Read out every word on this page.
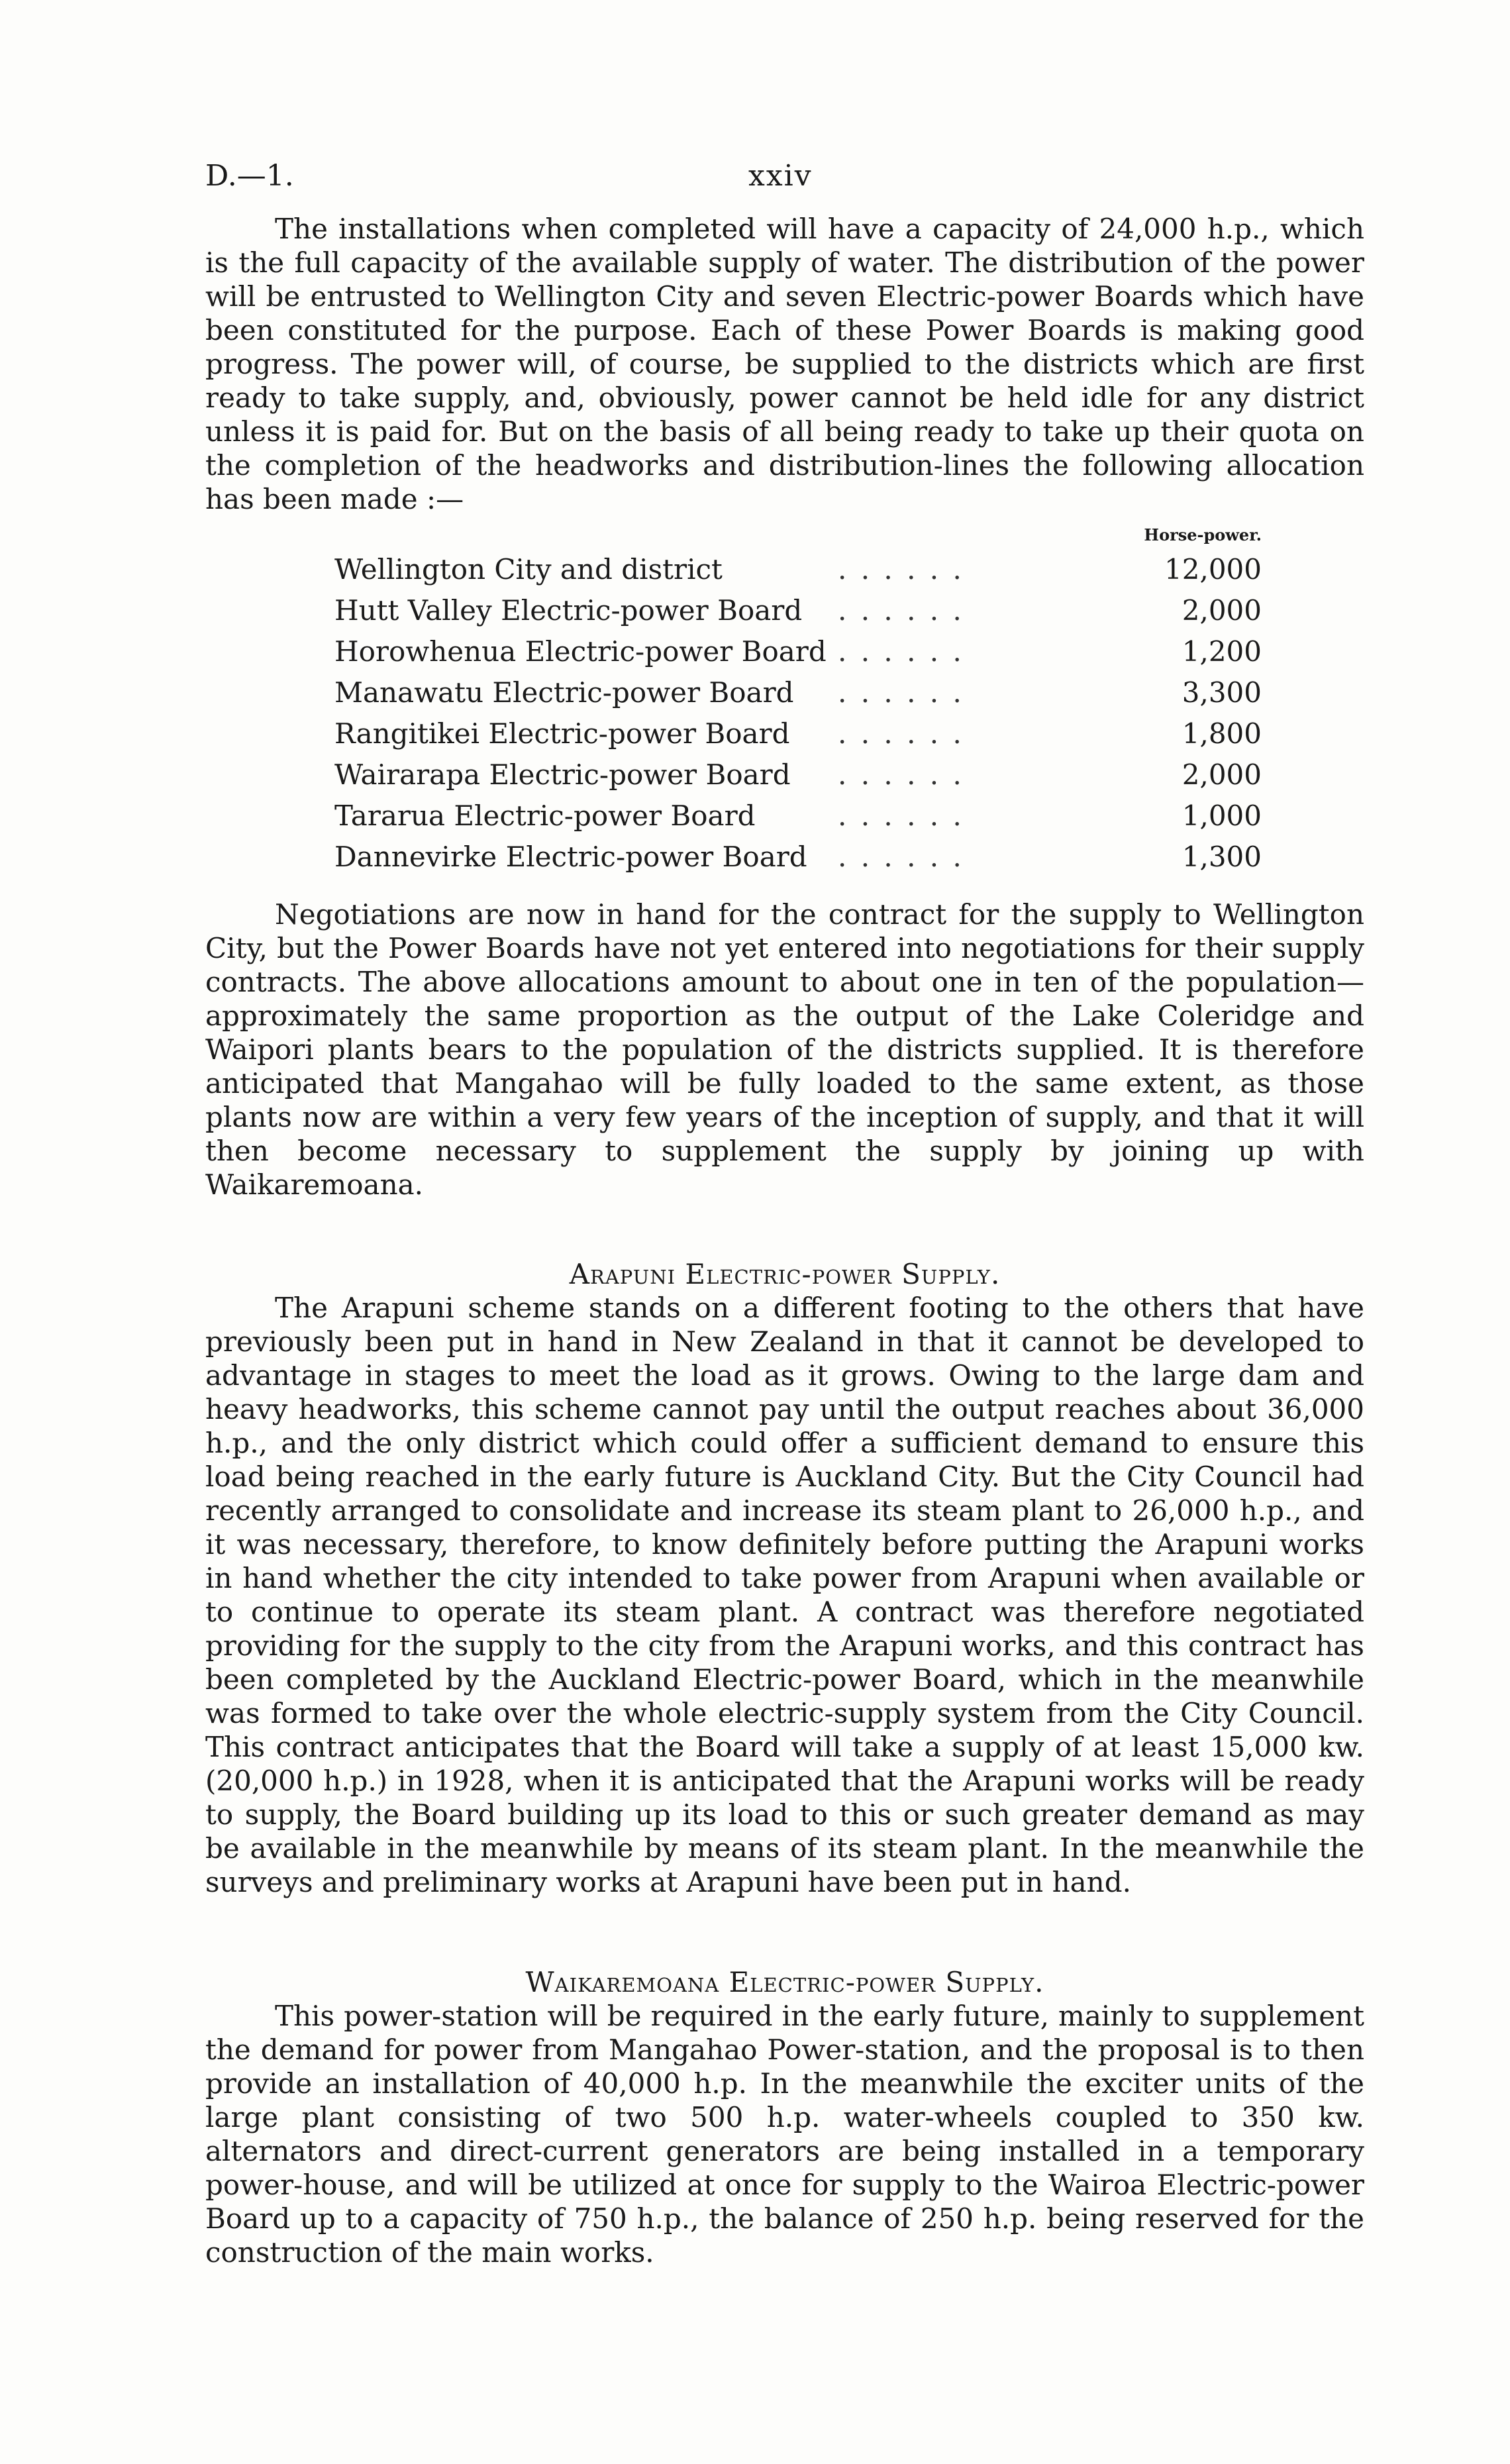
D.—1.	xxiv

The installations when completed will have a capacity of 24,000 h.p., which is the full capacity of the available supply of water. The distribution of the power will be entrusted to Wellington City and seven Electric-power Boards which have been constituted for the purpose. Each of these Power Boards is making good progress. The power will, of course, be supplied to the districts which are first ready to take supply, and, obviously, power cannot be held idle for any district unless it is paid for. But on the basis of all being ready to take up their quota on the completion of the headworks and distribution-lines the following allocation has been made :—

Horse-power.
Wellington City and district	. . . . . .	12,000
Hutt Valley Electric-power Board	. . . . . .	2,000
Horowhenua Electric-power Board . . . . . .	1,200
Manawatu Electric-power Board	. . . . . .	3,300
Rangitikei Electric-power Board	. . . . . .	1,800
Wairarapa Electric-power Board	. . . . . .	2,000
Tararua Electric-power Board	. . . . . .	1,000
Dannevirke Electric-power Board	. . . . . .	1,300

Negotiations are now in hand for the contract for the supply to Wellington City, but the Power Boards have not yet entered into negotiations for their supply contracts. The above allocations amount to about one in ten of the population—approximately the same proportion as the output of the Lake Coleridge and Waipori plants bears to the population of the districts supplied. It is therefore anticipated that Mangahao will be fully loaded to the same extent, as those plants now are within a very few years of the inception of supply, and that it will then become necessary to supplement the supply by joining up with Waikaremoana.

Arapuni Electric-power Supply.

The Arapuni scheme stands on a different footing to the others that have previously been put in hand in New Zealand in that it cannot be developed to advantage in stages to meet the load as it grows. Owing to the large dam and heavy headworks, this scheme cannot pay until the output reaches about 36,000 h.p., and the only district which could offer a sufficient demand to ensure this load being reached in the early future is Auckland City. But the City Council had recently arranged to consolidate and increase its steam plant to 26,000 h.p., and it was necessary, therefore, to know definitely before putting the Arapuni works in hand whether the city intended to take power from Arapuni when available or to continue to operate its steam plant. A contract was therefore negotiated providing for the supply to the city from the Arapuni works, and this contract has been completed by the Auckland Electric-power Board, which in the meanwhile was formed to take over the whole electric-supply system from the City Council. This contract anticipates that the Board will take a supply of at least 15,000 kw. (20,000 h.p.) in 1928, when it is anticipated that the Arapuni works will be ready to supply, the Board building up its load to this or such greater demand as may be available in the meanwhile by means of its steam plant. In the meanwhile the surveys and preliminary works at Arapuni have been put in hand.

Waikaremoana Electric-power Supply.

This power-station will be required in the early future, mainly to supplement the demand for power from Mangahao Power-station, and the proposal is to then provide an installation of 40,000 h.p. In the meanwhile the exciter units of the large plant consisting of two 500 h.p. water-wheels coupled to 350 kw. alternators and direct-current generators are being installed in a temporary power-house, and will be utilized at once for supply to the Wairoa Electric-power Board up to a capacity of 750 h.p., the balance of 250 h.p. being reserved for the construction of the main works.
